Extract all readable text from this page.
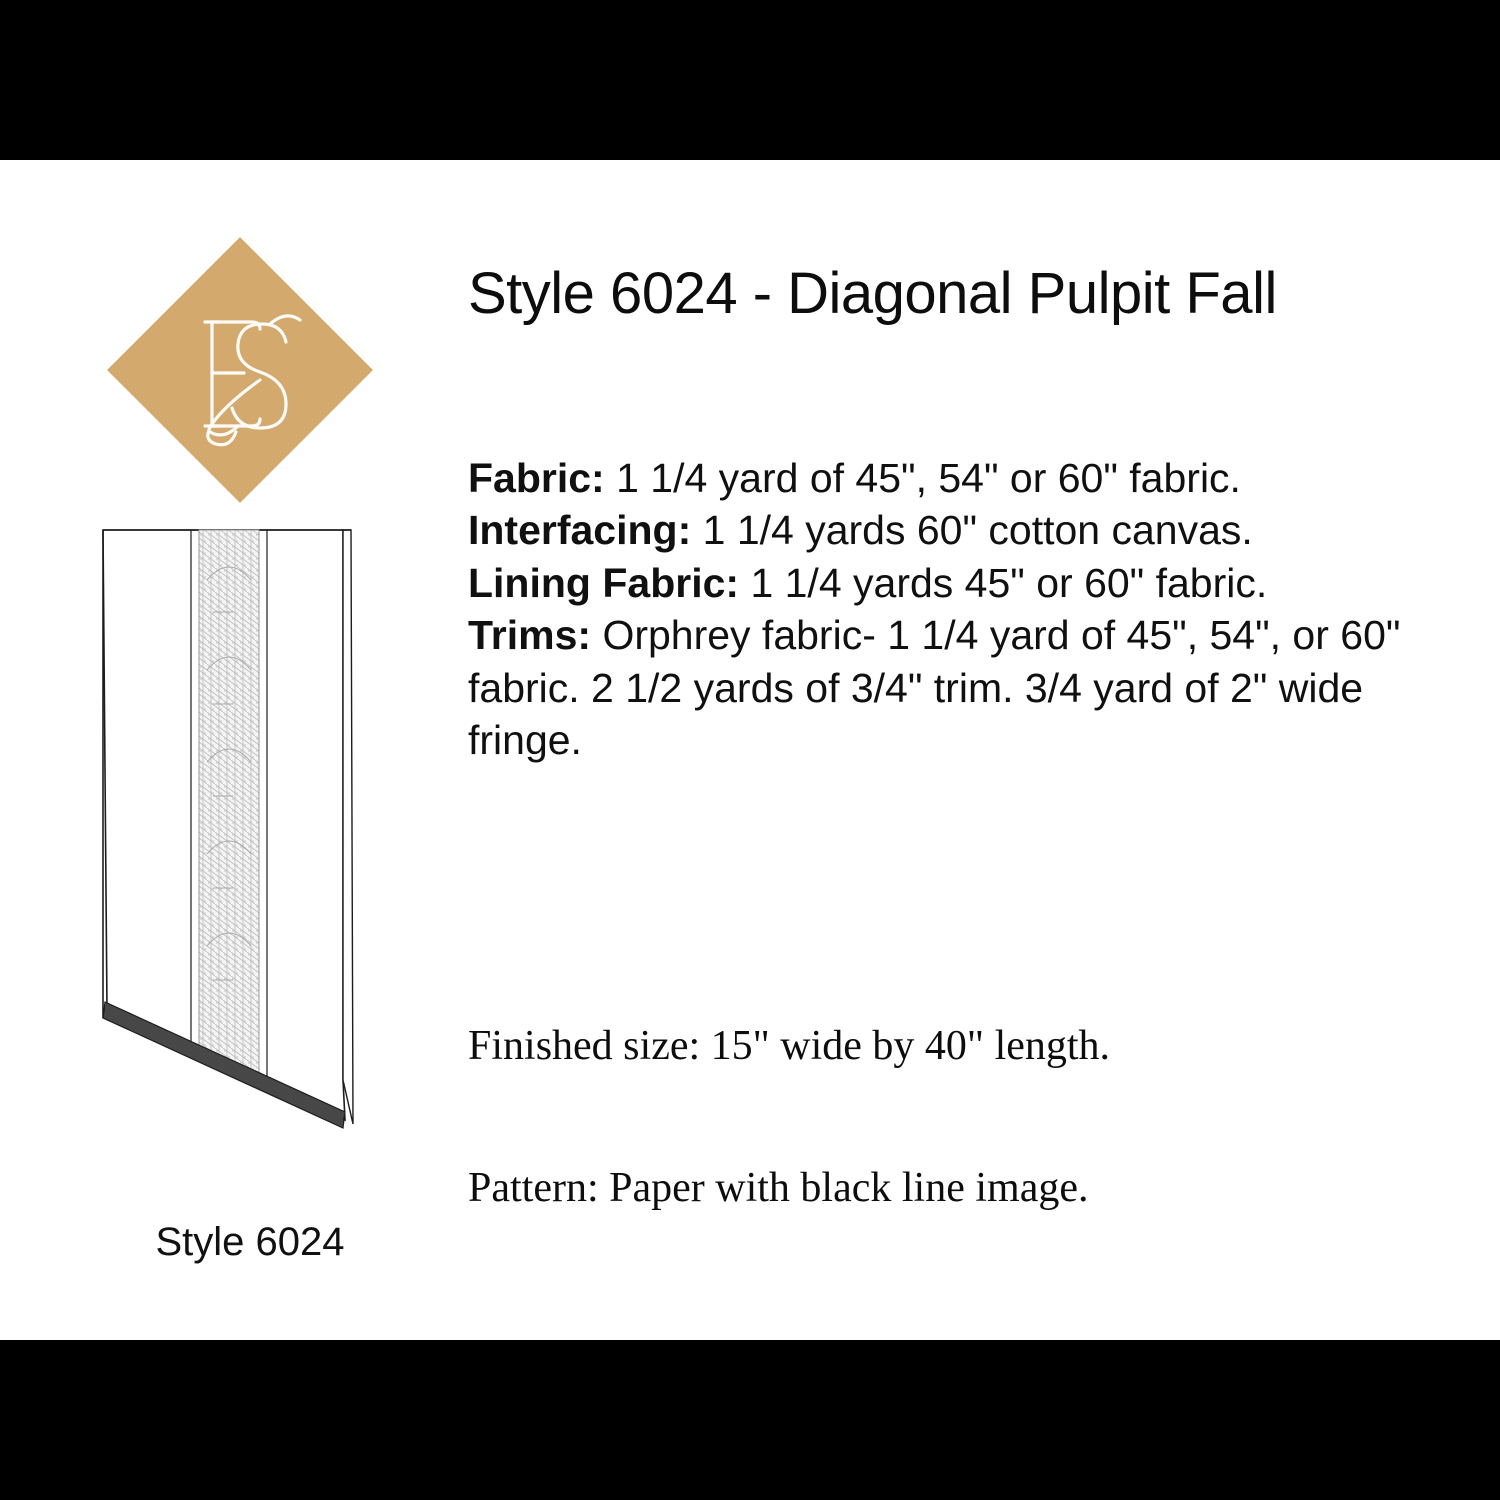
Style 6024
Style 6024 - Diagonal Pulpit Fall

Fabric: 1 1/4 yard of 45", 54" or 60" fabric.

Interfacing: 1 1/4 yards 60" cotton canvas.

Lining Fabric: 1 1/4 yards 45" or 60" fabric.

Trims: Orphrey fabric- 1 1/4 yard of 45", 54", or 60" fabric. 2 1/2 yards of 3/4" trim. 3/4 yard of 2" wide fringe.

Finished size: 15" wide by 40" length.
Pattern: Paper with black line image.
